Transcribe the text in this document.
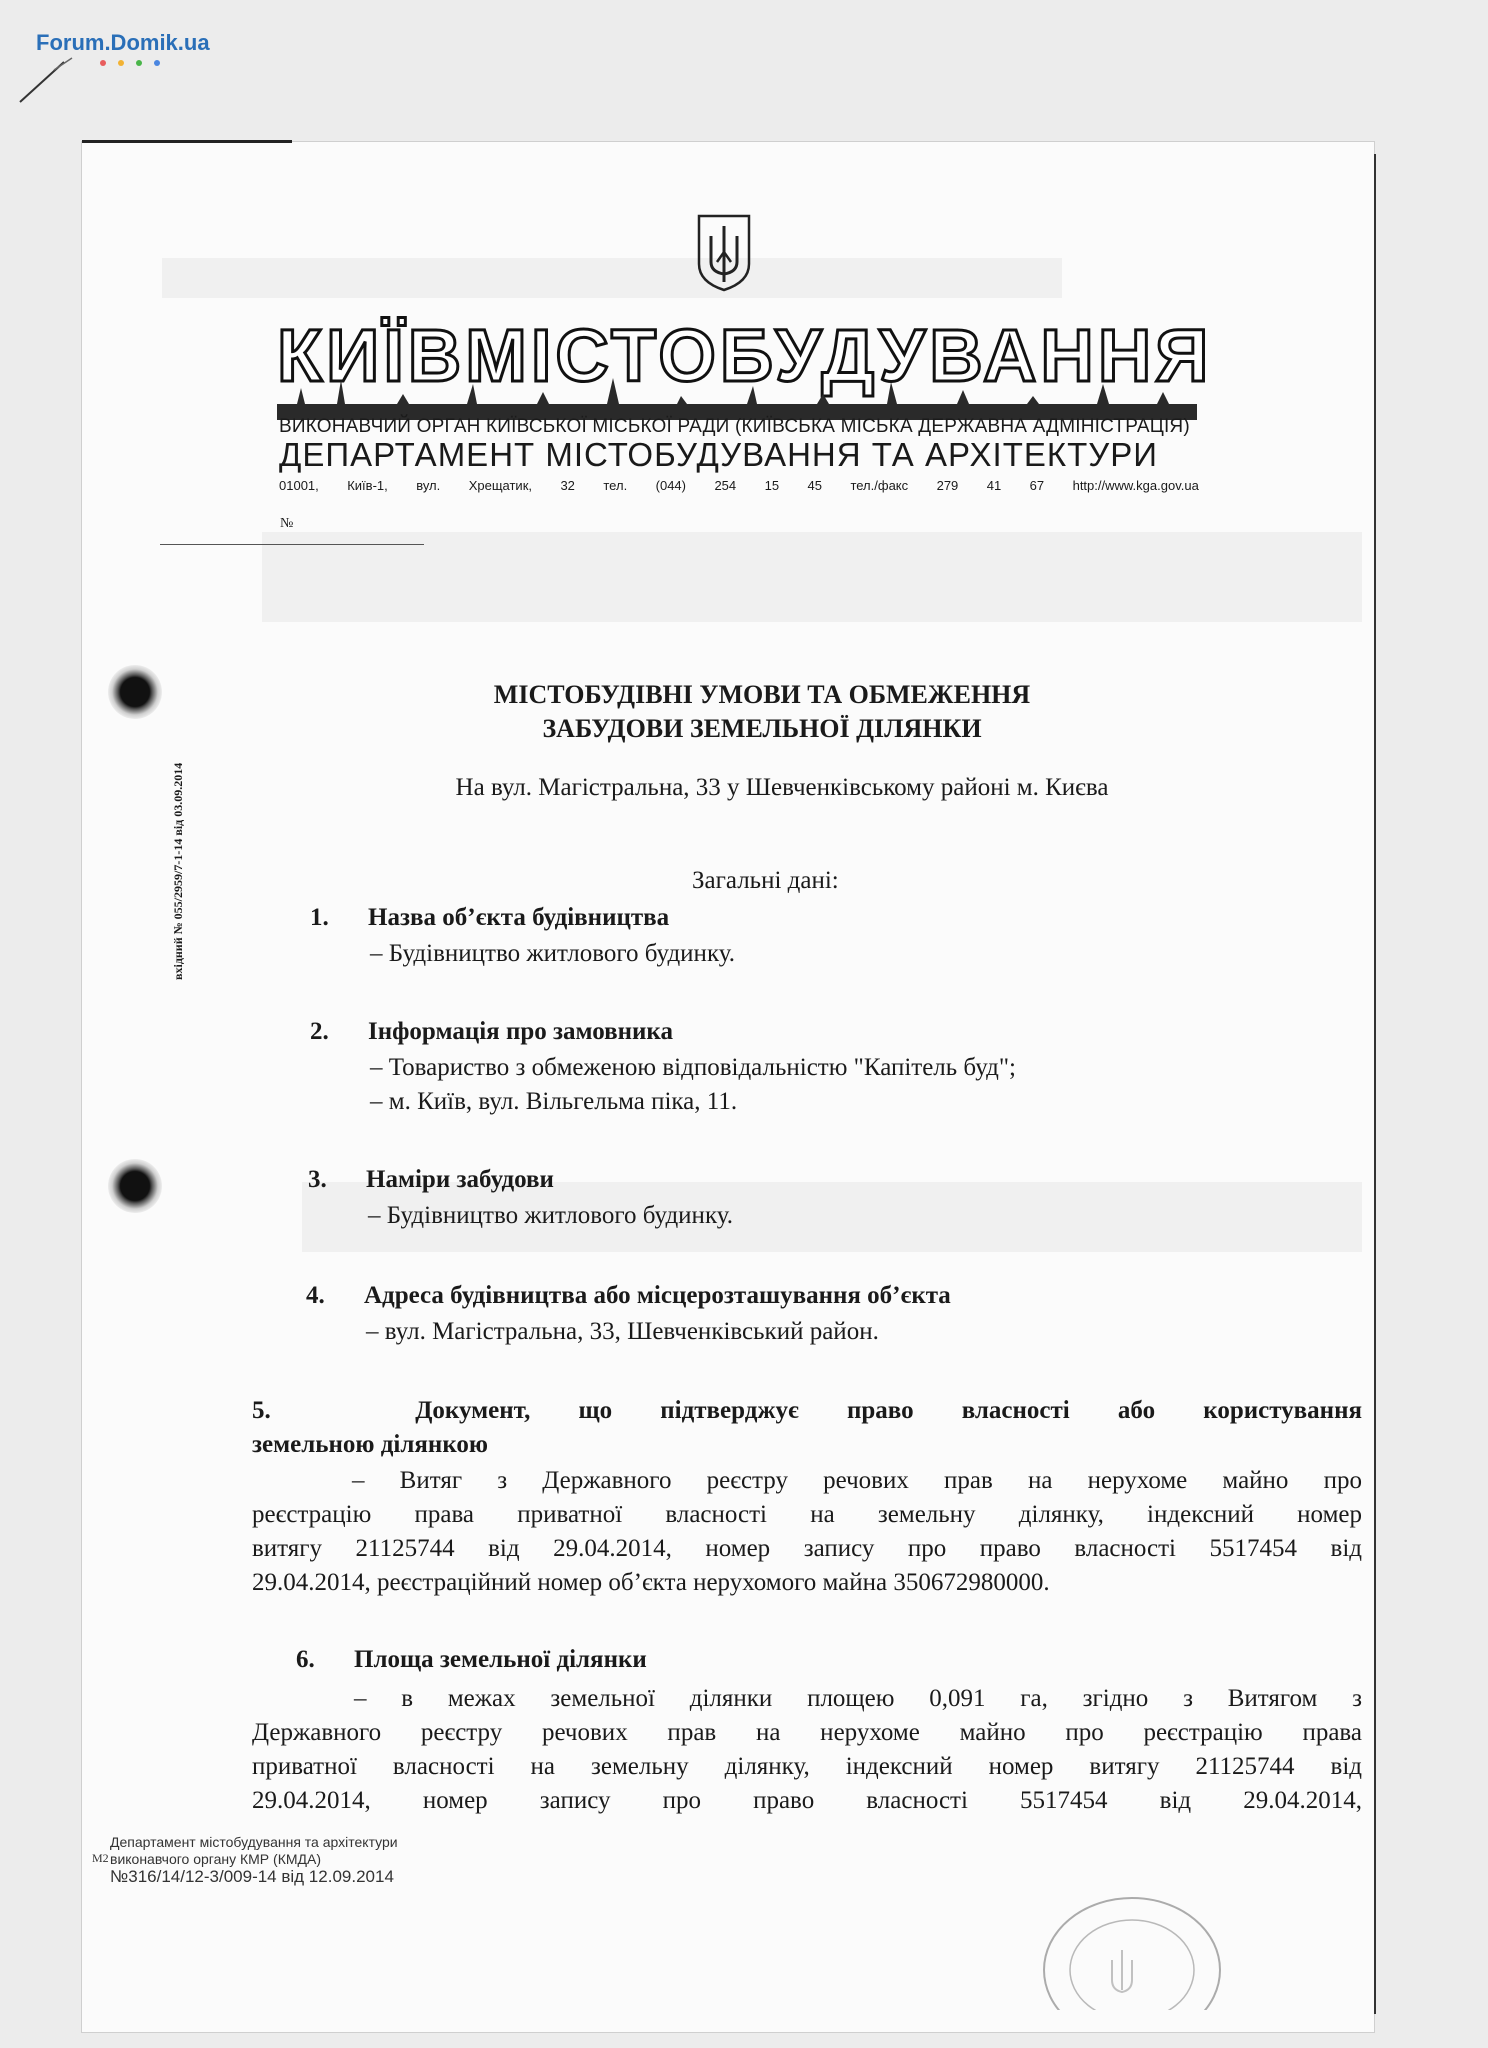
Forum.Domik.ua
КИЇВМІСТОБУДУВАННЯ
ВИКОНАВЧИЙ ОРГАН КИЇВСЬКОЇ МІСЬКОЇ РАДИ (КИЇВСЬКА МІСЬКА ДЕРЖАВНА АДМІНІСТРАЦІЯ)
ДЕПАРТАМЕНТ МІСТОБУДУВАННЯ ТА АРХІТЕКТУРИ
01001, Київ-1, вул. Хрещатик, 32 тел. (044) 254 15 45 тел./факс 279 41 67 http://www.kga.gov.ua
№
вхідний № 055/2959/7-1-14 від 03.09.2014
МІСТОБУДІВНІ УМОВИ ТА ОБМЕЖЕННЯ
ЗАБУДОВИ ЗЕМЕЛЬНОЇ ДІЛЯНКИ
На вул. Магістральна, 33 у Шевченківському районі м. Києва
Загальні дані:
1. Назва об’єкта будівництва
– Будівництво житлового будинку.
2. Інформація про замовника
– Товариство з обмеженою відповідальністю "Капітель буд";
– м. Київ, вул. Вільгельма піка, 11.
3. Наміри забудови
– Будівництво житлового будинку.
4. Адреса будівництва або місцерозташування об’єкта
– вул. Магістральна, 33, Шевченківський район.
5.	Документ, що підтверджує право власності або користування
земельною ділянкою
– Витяг з Державного реєстру речових прав на нерухоме майно про
реєстрацію права приватної власності на земельну ділянку, індексний номер
витягу 21125744 від 29.04.2014, номер запису про право власності 5517454 від
29.04.2014, реєстраційний номер об’єкта нерухомого майна 350672980000.
6. Площа земельної ділянки
– в межах земельної ділянки площею 0,091 га, згідно з Витягом з
Державного реєстру речових прав на нерухоме майно про реєстрацію права
приватної власності на земельну ділянку, індексний номер витягу 21125744 від
29.04.2014, номер запису про право власності 5517454 від 29.04.2014,
М2
Департамент містобудування та архітектури
виконавчого органу КМР (КМДА)
№316/14/12-3/009-14 від 12.09.2014
